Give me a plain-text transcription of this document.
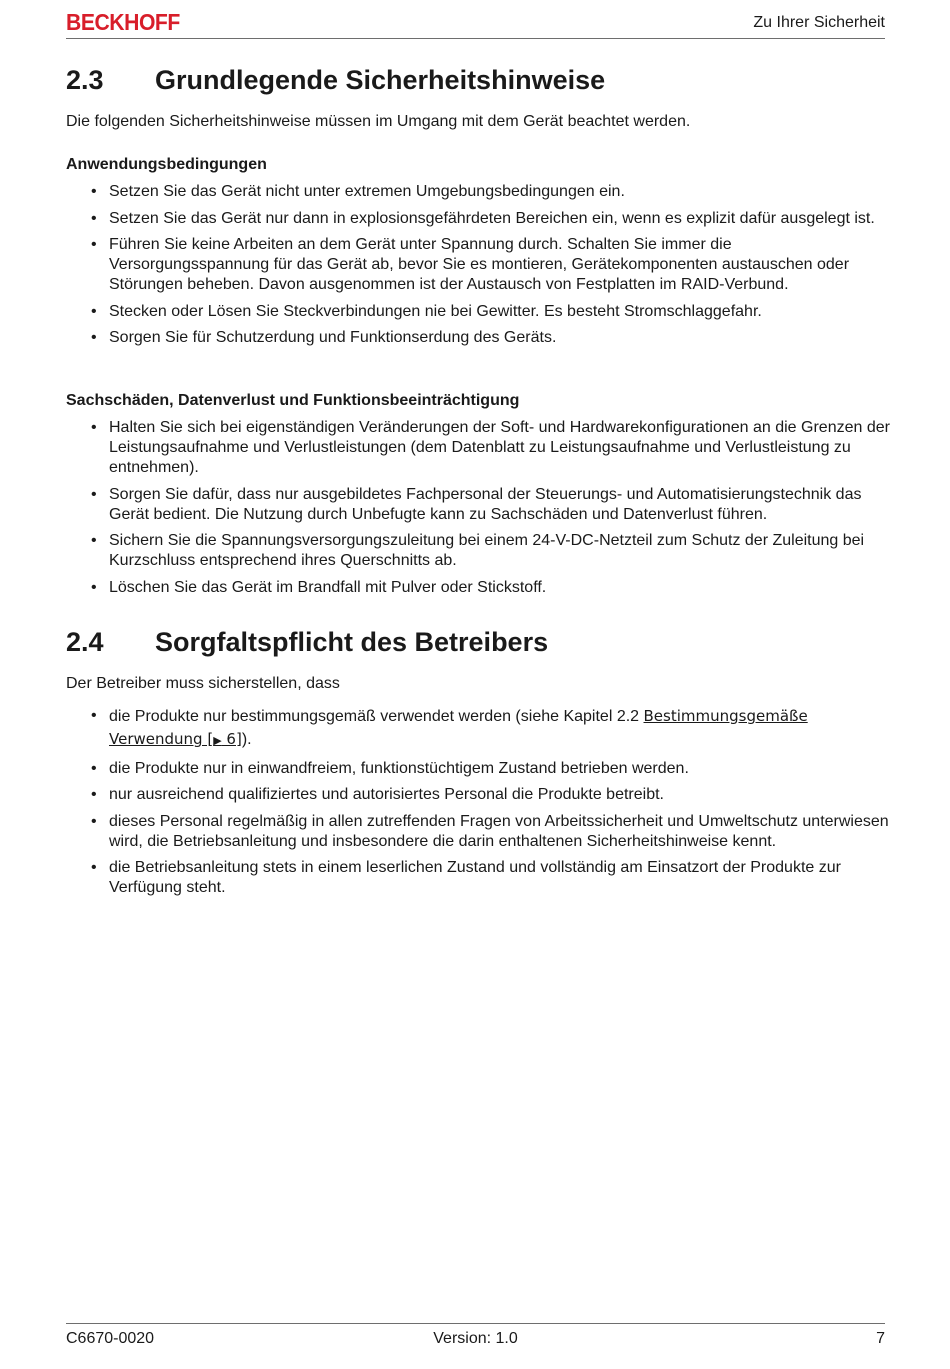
BECKHOFF	Zu Ihrer Sicherheit
2.3 Grundlegende Sicherheitshinweise

Die folgenden Sicherheitshinweise müssen im Umgang mit dem Gerät beachtet werden.

Anwendungsbedingungen
• Setzen Sie das Gerät nicht unter extremen Umgebungsbedingungen ein.
• Setzen Sie das Gerät nur dann in explosionsgefährdeten Bereichen ein, wenn es explizit dafür ausgelegt ist.
• Führen Sie keine Arbeiten an dem Gerät unter Spannung durch. Schalten Sie immer die Versorgungsspannung für das Gerät ab, bevor Sie es montieren, Gerätekomponenten austauschen oder Störungen beheben. Davon ausgenommen ist der Austausch von Festplatten im RAID-Verbund.
• Stecken oder Lösen Sie Steckverbindungen nie bei Gewitter. Es besteht Stromschlaggefahr.
• Sorgen Sie für Schutzerdung und Funktionserdung des Geräts.
Sachschäden, Datenverlust und Funktionsbeeinträchtigung
• Halten Sie sich bei eigenständigen Veränderungen der Soft- und Hardwarekonfigurationen an die Grenzen der Leistungsaufnahme und Verlustleistungen (dem Datenblatt zu Leistungsaufnahme und Verlustleistung zu entnehmen).
• Sorgen Sie dafür, dass nur ausgebildetes Fachpersonal der Steuerungs- und Automatisierungstechnik das Gerät bedient. Die Nutzung durch Unbefugte kann zu Sachschäden und Datenverlust führen.
• Sichern Sie die Spannungsversorgungszuleitung bei einem 24-V-DC-Netzteil zum Schutz der Zuleitung bei Kurzschluss entsprechend ihres Querschnitts ab.
• Löschen Sie das Gerät im Brandfall mit Pulver oder Stickstoff.
2.4 Sorgfaltspflicht des Betreibers

Der Betreiber muss sicherstellen, dass

• die Produkte nur bestimmungsgemäß verwendet werden (siehe Kapitel 2.2 Bestimmungsgemäße Verwendung [▶ 6]).
• die Produkte nur in einwandfreiem, funktionstüchtigem Zustand betrieben werden.
• nur ausreichend qualifiziertes und autorisiertes Personal die Produkte betreibt.
• dieses Personal regelmäßig in allen zutreffenden Fragen von Arbeitssicherheit und Umweltschutz unterwiesen wird, die Betriebsanleitung und insbesondere die darin enthaltenen Sicherheitshinweise kennt.
• die Betriebsanleitung stets in einem leserlichen Zustand und vollständig am Einsatzort der Produkte zur Verfügung steht.
C6670-0020	Version: 1.0	7
